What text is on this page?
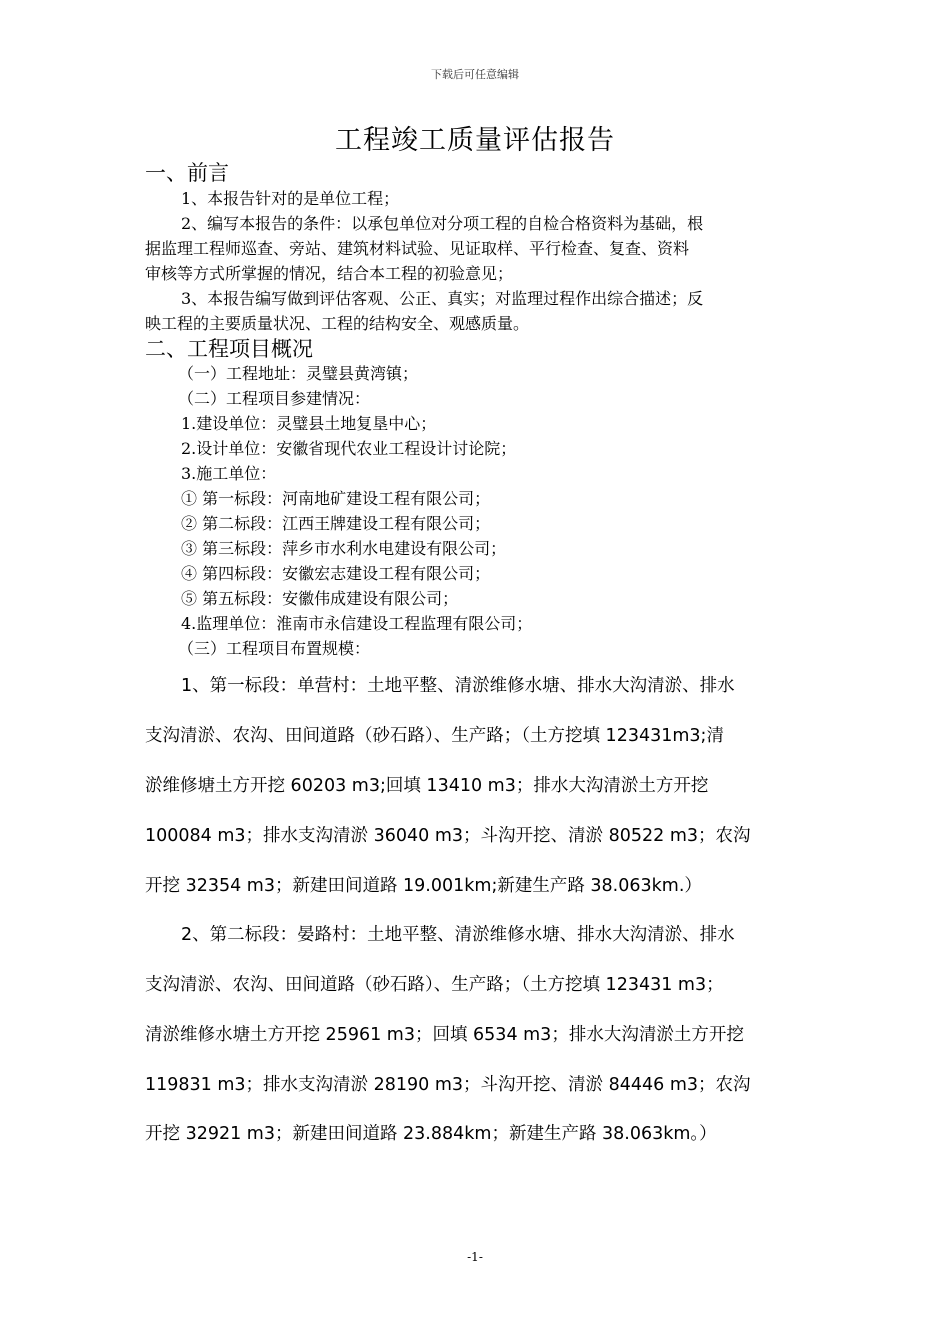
下载后可任意编辑
工程竣工质量评估报告
一、前言
1、本报告针对的是单位工程；
2、编写本报告的条件：以承包单位对分项工程的自检合格资料为基础，根
据监理工程师巡查、旁站、建筑材料试验、见证取样、平行检查、复查、资料
审核等方式所掌握的情况，结合本工程的初验意见；
3、本报告编写做到评估客观、公正、真实；对监理过程作出综合描述；反
映工程的主要质量状况、工程的结构安全、观感质量。
二、工程项目概况
（一）工程地址：灵璧县黄湾镇；
（二）工程项目参建情况：
1.建设单位：灵璧县土地复垦中心；
2.设计单位：安徽省现代农业工程设计讨论院；
3.施工单位：
① 第一标段：河南地矿建设工程有限公司；
② 第二标段：江西王牌建设工程有限公司；
③ 第三标段：萍乡市水利水电建设有限公司；
④ 第四标段：安徽宏志建设工程有限公司；
⑤ 第五标段：安徽伟成建设有限公司；
4.监理单位：淮南市永信建设工程监理有限公司；
（三）工程项目布置规模：
1、第一标段：单营村：土地平整、清淤维修水塘、排水大沟清淤、排水
支沟清淤、农沟、田间道路（砂石路）、生产路；（土方挖填 123431m3;清
淤维修塘土方开挖 60203 m3;回填 13410 m3；排水大沟清淤土方开挖
100084 m3；排水支沟清淤 36040 m3；斗沟开挖、清淤 80522 m3；农沟
开挖 32354 m3；新建田间道路 19.001km;新建生产路 38.063km.）
2、第二标段：晏路村：土地平整、清淤维修水塘、排水大沟清淤、排水
支沟清淤、农沟、田间道路（砂石路）、生产路；（土方挖填 123431 m3；
清淤维修水塘土方开挖 25961 m3；回填 6534 m3；排水大沟清淤土方开挖
119831 m3；排水支沟清淤 28190 m3；斗沟开挖、清淤 84446 m3；农沟
开挖 32921 m3；新建田间道路 23.884km；新建生产路 38.063km。）
-1-
